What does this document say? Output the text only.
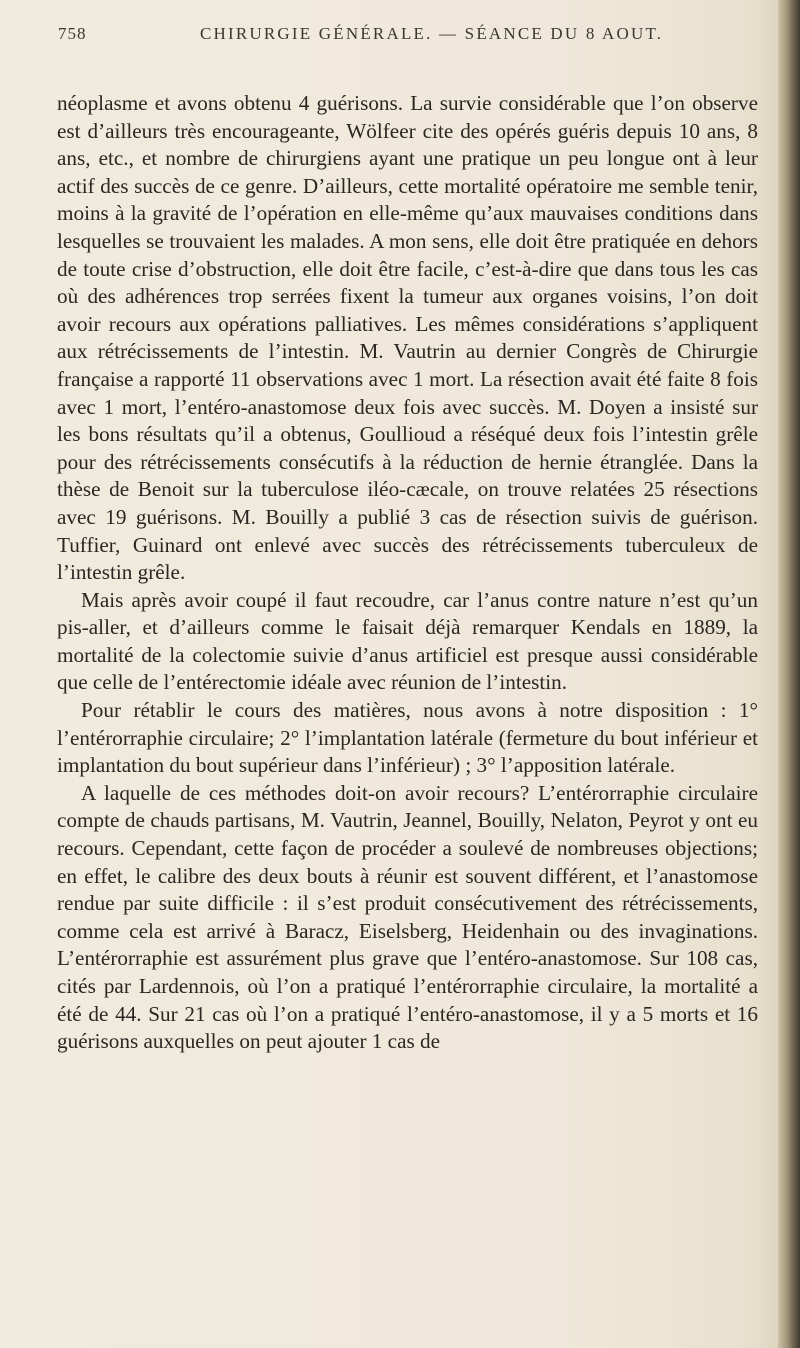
758	CHIRURGIE GÉNÉRALE. — SÉANCE DU 8 AOUT.

néoplasme et avons obtenu 4 guérisons. La survie considérable que l’on observe est d’ailleurs très encourageante, Wölfeer cite des opérés guéris depuis 10 ans, 8 ans, etc., et nombre de chirurgiens ayant une pratique un peu longue ont à leur actif des succès de ce genre. D’ailleurs, cette mortalité opératoire me semble tenir, moins à la gravité de l’opération en elle-même qu’aux mauvaises conditions dans lesquelles se trouvaient les malades. A mon sens, elle doit être pratiquée en dehors de toute crise d’obstruction, elle doit être facile, c’est-à-dire que dans tous les cas où des adhérences trop serrées fixent la tumeur aux organes voisins, l’on doit avoir recours aux opérations palliatives. Les mêmes considérations s’appliquent aux rétrécissements de l’intestin. M. Vautrin au dernier Congrès de Chirurgie française a rapporté 11 observations avec 1 mort. La résection avait été faite 8 fois avec 1 mort, l’entéro-anastomose deux fois avec succès. M. Doyen a insisté sur les bons résultats qu’il a obtenus, Goullioud a réséqué deux fois l’intestin grêle pour des rétrécissements consécutifs à la réduction de hernie étranglée. Dans la thèse de Benoit sur la tuberculose iléo-cæcale, on trouve relatées 25 résections avec 19 guérisons. M. Bouilly a publié 3 cas de résection suivis de guérison. Tuffier, Guinard ont enlevé avec succès des rétrécissements tuberculeux de l’intestin grêle.

Mais après avoir coupé il faut recoudre, car l’anus contre nature n’est qu’un pis-aller, et d’ailleurs comme le faisait déjà remarquer Kendals en 1889, la mortalité de la colectomie suivie d’anus artificiel est presque aussi considérable que celle de l’entérectomie idéale avec réunion de l’intestin.

Pour rétablir le cours des matières, nous avons à notre disposition : 1° l’entérorraphie circulaire; 2° l’implantation latérale (fermeture du bout inférieur et implantation du bout supérieur dans l’inférieur) ; 3° l’apposition latérale.

A laquelle de ces méthodes doit-on avoir recours? L’entérorraphie circulaire compte de chauds partisans, M. Vautrin, Jeannel, Bouilly, Nelaton, Peyrot y ont eu recours. Cependant, cette façon de procéder a soulevé de nombreuses objections; en effet, le calibre des deux bouts à réunir est souvent différent, et l’anastomose rendue par suite difficile : il s’est produit consécutivement des rétrécissements, comme cela est arrivé à Baracz, Eiselsberg, Heidenhain ou des invaginations. L’entérorraphie est assurément plus grave que l’entéro-anastomose. Sur 108 cas, cités par Lardennois, où l’on a pratiqué l’entérorraphie circulaire, la mortalité a été de 44. Sur 21 cas où l’on a pratiqué l’entéro-anastomose, il y a 5 morts et 16 guérisons auxquelles on peut ajouter 1 cas de
